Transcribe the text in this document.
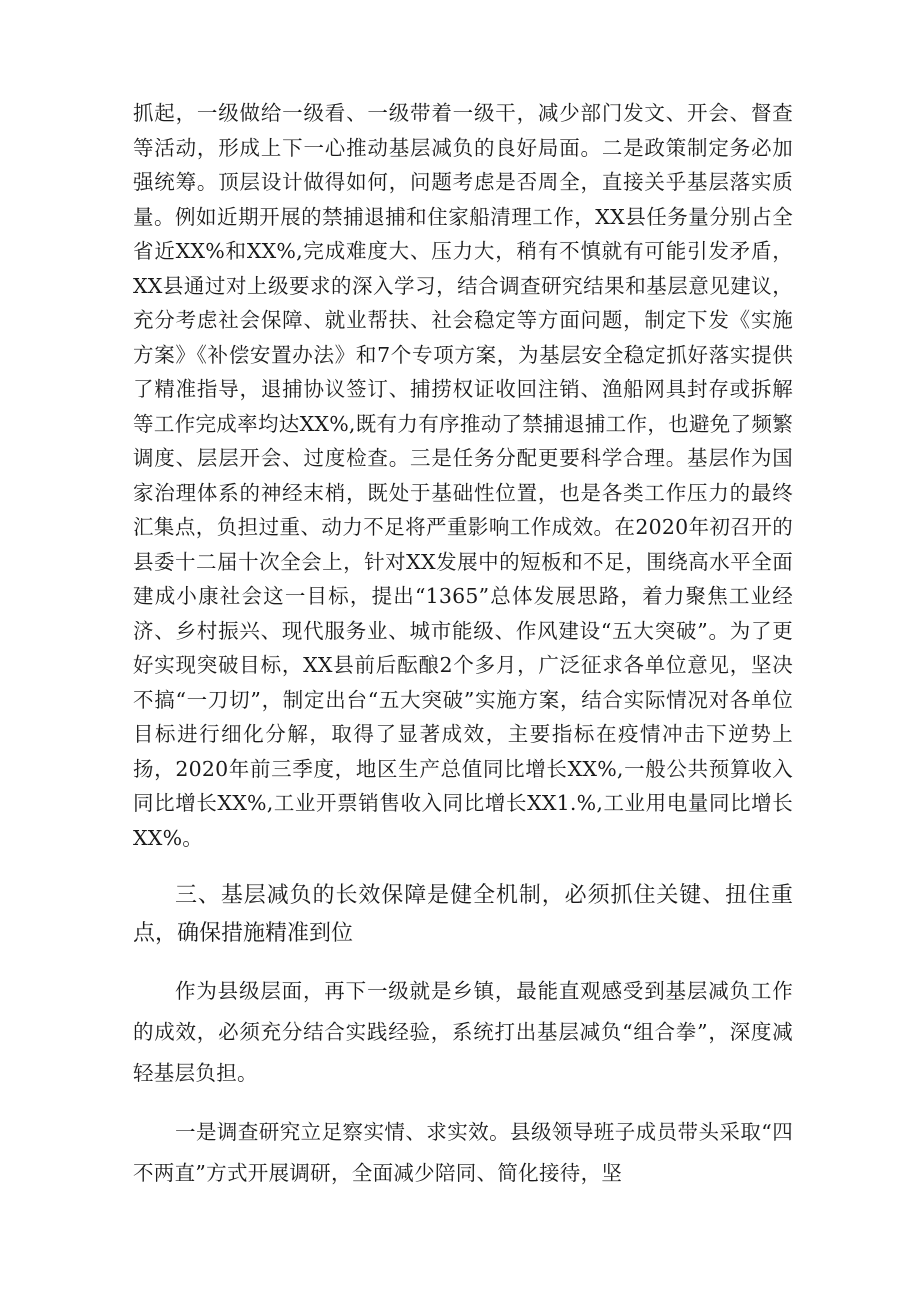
抓起，一级做给一级看、一级带着一级干，减少部门发文、开会、督查等活动，形成上下一心推动基层减负的良好局面。二是政策制定务必加强统筹。顶层设计做得如何，问题考虑是否周全，直接关乎基层落实质量。例如近期开展的禁捕退捕和住家船清理工作，XX县任务量分别占全省近XX%和XX%,完成难度大、压力大，稍有不慎就有可能引发矛盾，XX县通过对上级要求的深入学习，结合调查研究结果和基层意见建议，充分考虑社会保障、就业帮扶、社会稳定等方面问题，制定下发《实施方案》《补偿安置办法》和7个专项方案，为基层安全稳定抓好落实提供了精准指导，退捕协议签订、捕捞权证收回注销、渔船网具封存或拆解等工作完成率均达XX%,既有力有序推动了禁捕退捕工作，也避免了频繁调度、层层开会、过度检查。三是任务分配更要科学合理。基层作为国家治理体系的神经末梢，既处于基础性位置，也是各类工作压力的最终汇集点，负担过重、动力不足将严重影响工作成效。在2020年初召开的县委十二届十次全会上，针对XX发展中的短板和不足，围绕高水平全面建成小康社会这一目标，提出“1365”总体发展思路，着力聚焦工业经济、乡村振兴、现代服务业、城市能级、作风建设“五大突破”。为了更好实现突破目标，XX县前后酝酿2个多月，广泛征求各单位意见，坚决不搞“一刀切”，制定出台“五大突破”实施方案，结合实际情况对各单位目标进行细化分解，取得了显著成效，主要指标在疫情冲击下逆势上扬，2020年前三季度，地区生产总值同比增长XX%,一般公共预算收入同比增长XX%,工业开票销售收入同比增长XX1.%,工业用电量同比增长XX%。

三、基层减负的长效保障是健全机制，必须抓住关键、扭住重点，确保措施精准到位

作为县级层面，再下一级就是乡镇，最能直观感受到基层减负工作的成效，必须充分结合实践经验，系统打出基层减负“组合拳”，深度减轻基层负担。

一是调查研究立足察实情、求实效。县级领导班子成员带头采取“四不两直”方式开展调研，全面减少陪同、简化接待，坚
